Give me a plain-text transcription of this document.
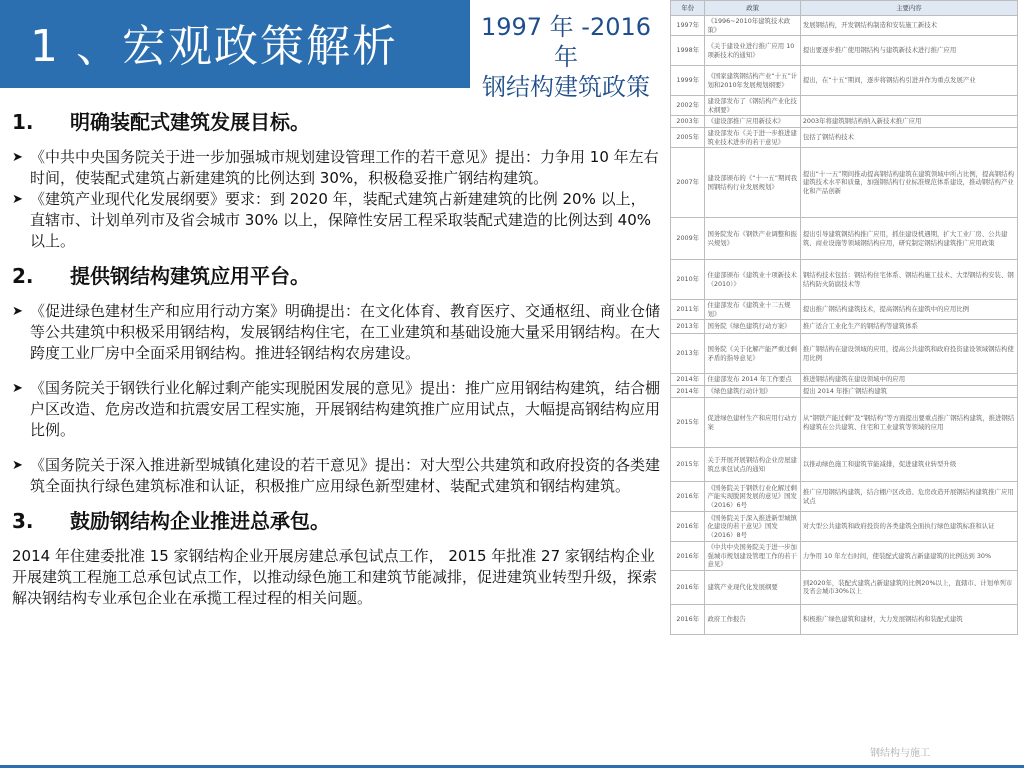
1 、宏观政策解析	1997 年 -2016 年
钢结构建筑政策
1.	明确装配式建筑发展目标。
➤ 《中共中央国务院关于进一步加强城市规划建设管理工作的若干意见》提出：力争用 10 年左右时间，使装配式建筑占新建建筑的比例达到 30%，积极稳妥推广钢结构建筑。
➤ 《建筑产业现代化发展纲要》要求：到 2020 年，装配式建筑占新建建筑的比例 20% 以上，直辖市、计划单列市及省会城市 30% 以上，保障性安居工程采取装配式建造的比例达到 40% 以上。
2.	提供钢结构建筑应用平台。
➤ 《促进绿色建材生产和应用行动方案》明确提出：在文化体育、教育医疗、交通枢纽、商业仓储等公共建筑中积极采用钢结构，发展钢结构住宅，在工业建筑和基础设施大量采用钢结构。在大跨度工业厂房中全面采用钢结构。推进轻钢结构农房建设。
➤ 《国务院关于钢铁行业化解过剩产能实现脱困发展的意见》提出：推广应用钢结构建筑，结合棚户区改造、危房改造和抗震安居工程实施，开展钢结构建筑推广应用试点，大幅提高钢结构应用比例。
➤ 《国务院关于深入推进新型城镇化建设的若干意见》提出：对大型公共建筑和政府投资的各类建筑全面执行绿色建筑标准和认证，积极推广应用绿色新型建材、装配式建筑和钢结构建筑。
3.	鼓励钢结构企业推进总承包。

2014 年住建委批准 15 家钢结构企业开展房建总承包试点工作， 2015 年批准 27 家钢结构企业开展建筑工程施工总承包试点工作，以推动绿色施工和建筑节能减排，促进建筑业转型升级，探索解决钢结构专业承包企业在承揽工程过程的相关问题。

年份	政策	主要内容
1997年	《1996~2010年建筑技术政策》	发展钢结构，开发钢结构制造和安装施工新技术
1998年	《关于建设业进行推广应用 10 项新技术的通知》	提出要逐步推广使用钢结构与建筑新技术进行推广应用
1999年	《国家建筑钢结构产业“十五”计划和2010年发展规划纲要》	提出，在“十五”期间，逐步将钢结构引进并作为重点发展产业
2002年	建设部发布了《钢结构产业化技术纲要》	
2003年	《建设部推广应用新技术》	2003年将建筑钢结构纳入新技术推广应用
2005年	建设部发布《关于进一步推进建筑业技术进步的若干意见》	包括了钢结构技术
2007年	建设部颁布的《“十一五”期间我国钢结构行业发展规划》	提出“十一五”期间推动提高钢结构建筑在建筑领域中所占比例，提高钢结构建筑技术水平和质量，加强钢结构行业标准规范体系建设，推动钢结构产业化和产品创新
2009年	国务院发布《钢铁产业调整和振兴规划》	提出引导建筑钢结构推广应用，抓住建设机遇期，扩大工业厂房、公共建筑、商业设施等领域钢结构应用，研究制定钢结构建筑推广应用政策
2010年	住建部颁布《建筑业十项新技术（2010）》	钢结构技术包括：钢结构住宅体系、钢结构施工技术、大型钢结构安装、钢结构防火防腐技术等
2011年	住建部发布《建筑业十二五规划》	提出推广钢结构建筑技术，提高钢结构在建筑中的应用比例
2013年	国务院《绿色建筑行动方案》	推广适合工业化生产的钢结构等建筑体系
2013年	国务院《关于化解产能严重过剩矛盾的指导意见》	推广钢结构在建设领域的应用，提高公共建筑和政府投资建设领域钢结构使用比例
2014年	住建部发布 2014 年工作要点	推进钢结构建筑在建设领域中的应用
2014年	《绿色建筑行动计划》	提出 2014 年推广钢结构建筑
2015年	促进绿色建材生产和应用行动方案	从“钢铁产能过剩”及“钢结构”等方面提出要重点推广钢结构建筑，推进钢结构建筑在公共建筑、住宅和工业建筑等领域的应用
2015年	关于开展开展钢结构企业房屋建筑总承包试点的通知	以推动绿色施工和建筑节能减排，促进建筑业转型升级
2016年	《国务院关于钢铁行业化解过剩产能实现脱困发展的意见》国发（2016）6号	推广应用钢结构建筑，结合棚户区改造、危房改造开展钢结构建筑推广应用试点
2016年	《国务院关于深入推进新型城镇化建设的若干意见》国发（2016）8号	对大型公共建筑和政府投资的各类建筑全面执行绿色建筑标准和认证
2016年	《中共中央国务院关于进一步加强城市规划建设管理工作的若干意见》	力争用 10 年左右时间，使装配式建筑占新建建筑的比例达到 30%
2016年	建筑产业现代化发展纲要	到2020年，装配式建筑占新建建筑的比例20%以上，直辖市、计划单列市及省会城市30%以上
2016年	政府工作报告	积极推广绿色建筑和建材，大力发展钢结构和装配式建筑
钢结构与施工
